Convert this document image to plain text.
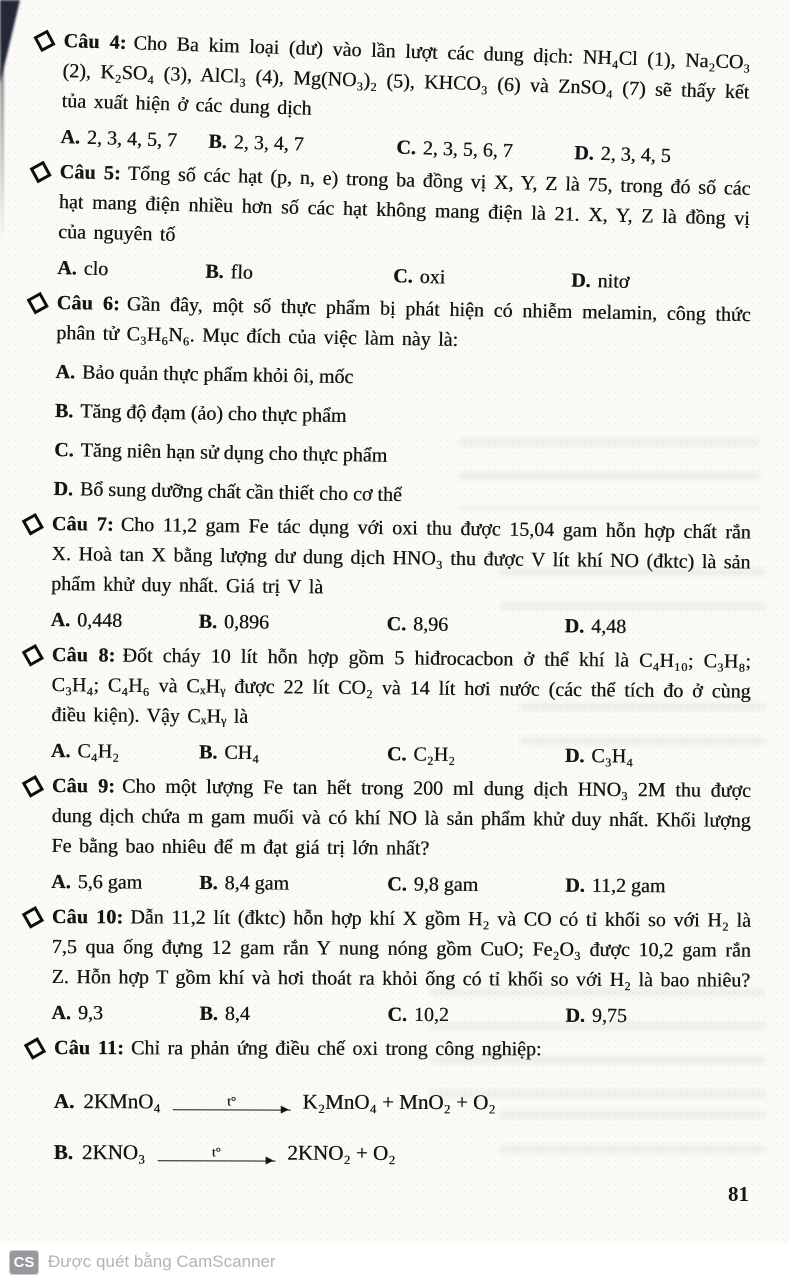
Câu 4: Cho Ba kim loại (dư) vào lần lượt các dung dịch: NH₄Cl (1), Na₂CO₃ (2), K₂SO₄ (3), AlCl₃ (4), Mg(NO₃)₂ (5), KHCO₃ (6) và ZnSO₄ (7) sẽ thấy kết tủa xuất hiện ở các dung dịch

A. 2, 3, 4, 5, 7	B. 2, 3, 4, 7	C. 2, 3, 5, 6, 7	D. 2, 3, 4, 5

Câu 5: Tổng số các hạt (p, n, e) trong ba đồng vị X, Y, Z là 75, trong đó số các hạt mang điện nhiều hơn số các hạt không mang điện là 21. X, Y, Z là đồng vị của nguyên tố

A. clo	B. flo	C. oxi	D. nitơ

Câu 6: Gần đây, một số thực phẩm bị phát hiện có nhiễm melamin, công thức phân tử C₃H₆N₆. Mục đích của việc làm này là:

A. Bảo quản thực phẩm khỏi ôi, mốc
B. Tăng độ đạm (ảo) cho thực phẩm
C. Tăng niên hạn sử dụng cho thực phẩm
D. Bổ sung dưỡng chất cần thiết cho cơ thể

Câu 7: Cho 11,2 gam Fe tác dụng với oxi thu được 15,04 gam hỗn hợp chất rắn X. Hoà tan X bằng lượng dư dung dịch HNO₃ thu được V lít khí NO (đktc) là sản phẩm khử duy nhất. Giá trị V là

A. 0,448	B. 0,896	C. 8,96	D. 4,48

Câu 8: Đốt cháy 10 lít hỗn hợp gồm 5 hiđrocacbon ở thể khí là C₄H₁₀; C₃H₈; C₃H₄; C₄H₆ và CₓHᵧ được 22 lít CO₂ và 14 lít hơi nước (các thể tích đo ở cùng điều kiện). Vậy CₓHᵧ là

A. C₄H₂	B. CH₄	C. C₂H₂	D. C₃H₄

Câu 9: Cho một lượng Fe tan hết trong 200 ml dung dịch HNO₃ 2M thu được dung dịch chứa m gam muối và có khí NO là sản phẩm khử duy nhất. Khối lượng Fe bằng bao nhiêu để m đạt giá trị lớn nhất?

A. 5,6 gam	B. 8,4 gam	C. 9,8 gam	D. 11,2 gam

Câu 10: Dẫn 11,2 lít (đktc) hỗn hợp khí X gồm H₂ và CO có tỉ khối so với H₂ là 7,5 qua ống đựng 12 gam rắn Y nung nóng gồm CuO; Fe₂O₃ được 10,2 gam rắn Z. Hỗn hợp T gồm khí và hơi thoát ra khỏi ống có tỉ khối so với H₂ là bao nhiêu?

A. 9,3	B. 8,4	C. 10,2	D. 9,75

Câu 11: Chỉ ra phản ứng điều chế oxi trong công nghiệp:

A. 2KMnO₄	t°	K₂MnO₄ + MnO₂ + O₂
B. 2KNO₃	t°	2KNO₂ + O₂
81
CS Được quét bằng CamScanner
